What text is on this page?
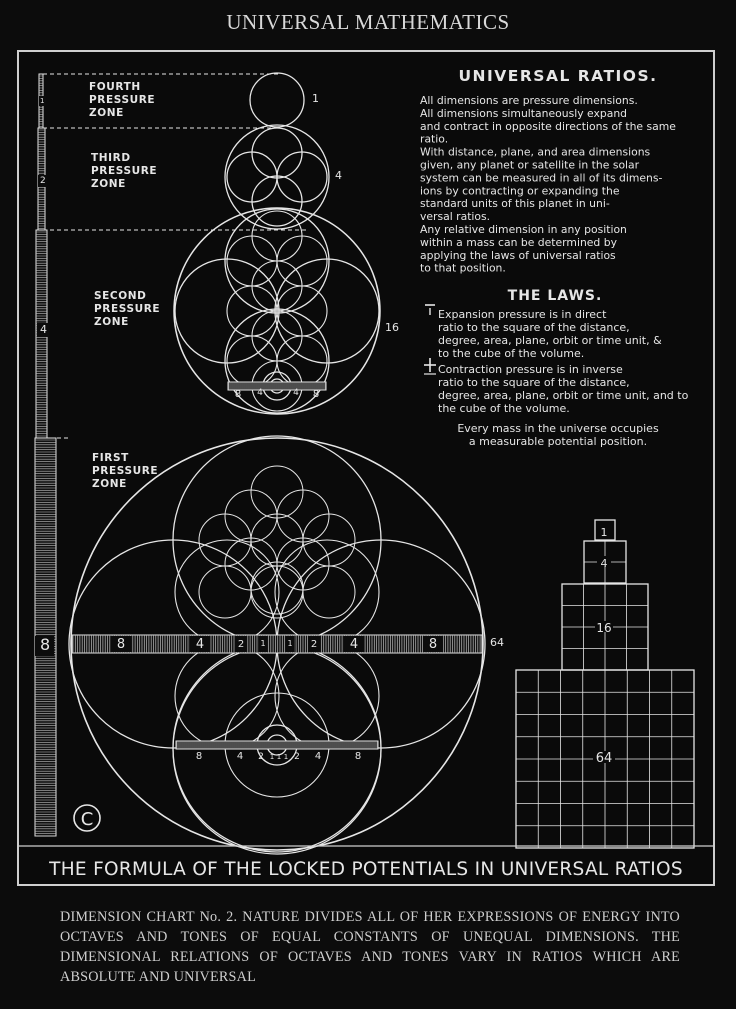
UNIVERSAL MATHEMATICS
UNIVERSAL RATIOS.
All dimensions are pressure dimensions.
All dimensions simultaneously expand
and contract in opposite directions of the same
ratio.
With distance, plane, and area dimensions
given, any planet or satellite in the solar
system can be measured in all of its dimens-
ions by contracting or expanding the
standard units of this planet in uni-
versal ratios.
Any relative dimension in any position
within a mass can be determined by
applying the laws of universal ratios
to that position.
THE LAWS.
Expansion pressure is in direct
ratio to the square of the distance,
degree, area, plane, orbit or time unit, &
to the cube of the volume.
Contraction pressure is in inverse
ratio to the square of the distance,
degree, area, plane, orbit or time unit, and to
the cube of the volume.
Every mass in the universe occupies
a measurable potential position.
FOURTH
PRESSURE
ZONE
THIRD
PRESSURE
ZONE
SECOND
PRESSURE
ZONE
FIRST
PRESSURE
ZONE
1
4
16
64
1
2
4
8	8	4	2 1	1 2	4	8
8 4	4 8
8	4 2 1 1 1 2 4	8
1
4
16
64
C
THE FORMULA OF THE LOCKED POTENTIALS IN UNIVERSAL RATIOS
DIMENSION CHART No. 2. NATURE DIVIDES ALL OF HER EXPRESSIONS OF ENERGY INTO OCTAVES AND TONES OF EQUAL CONSTANTS OF UNEQUAL DIMENSIONS. THE DIMENSIONAL RELATIONS OF OCTAVES AND TONES VARY IN RATIOS WHICH ARE ABSOLUTE AND UNIVERSAL
